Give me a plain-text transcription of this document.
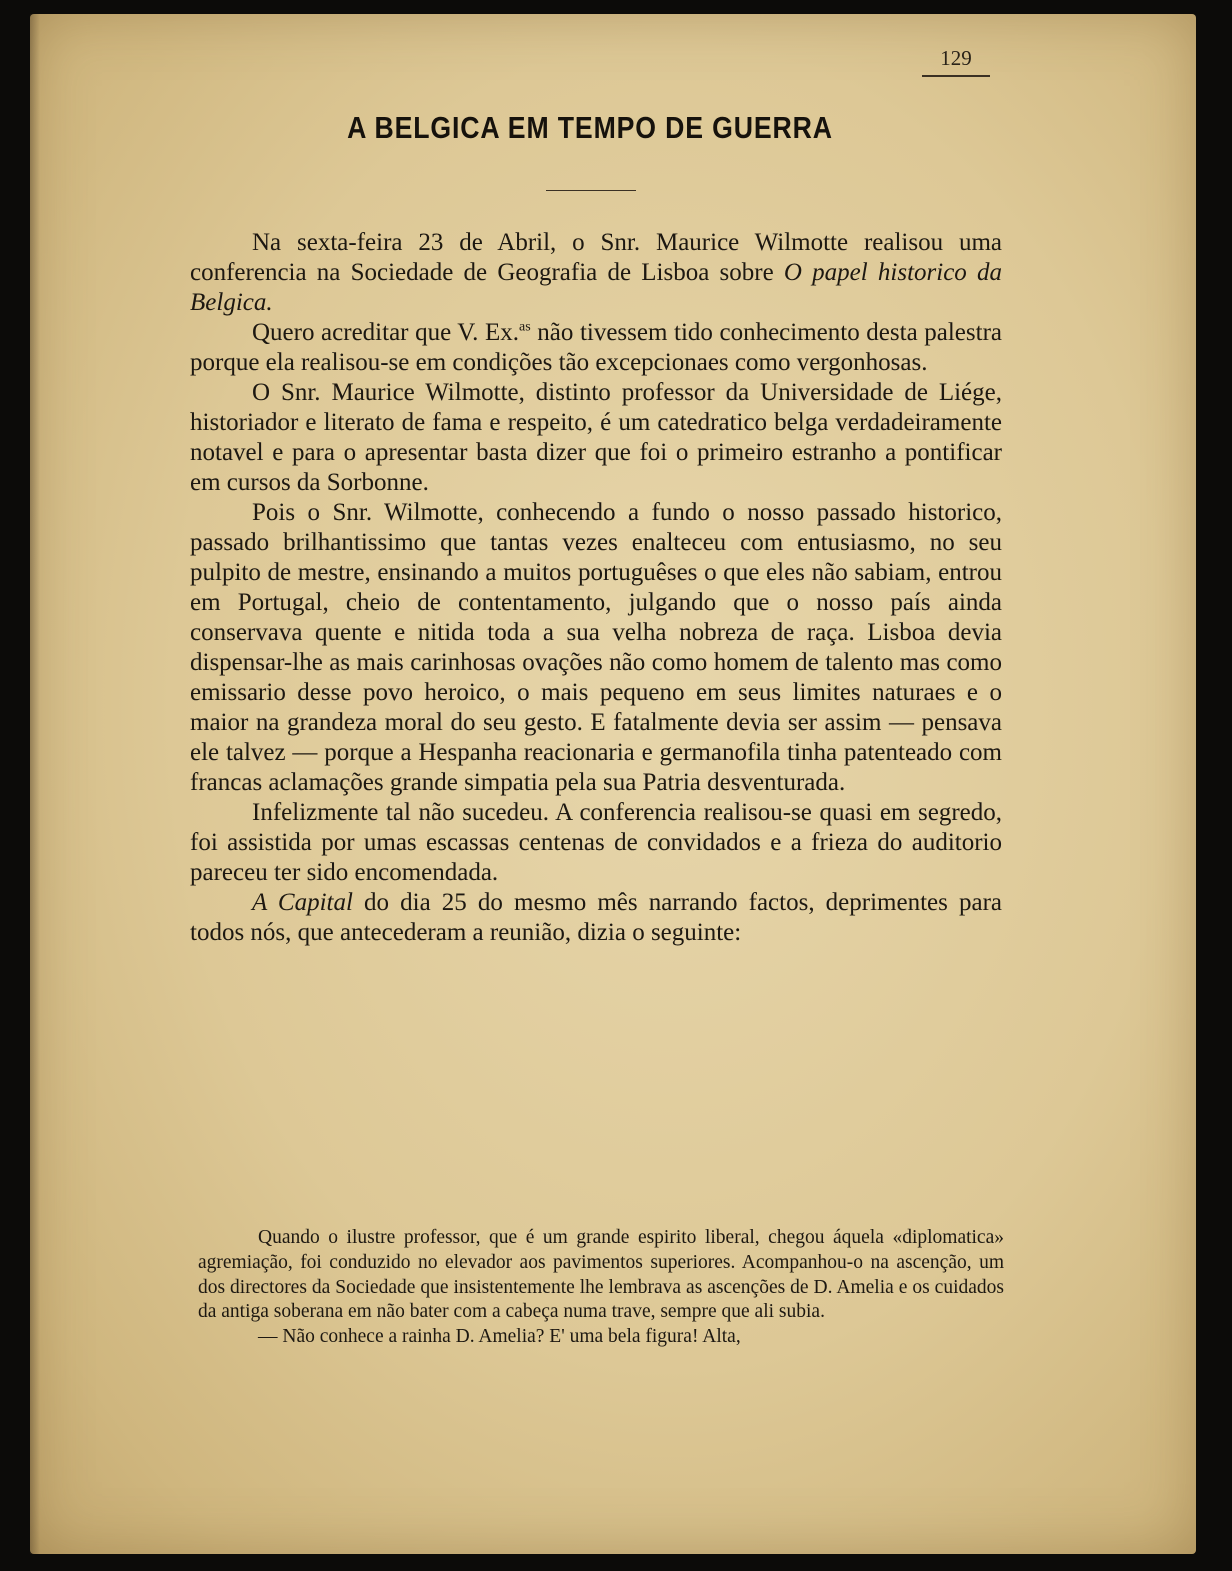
129
A BELGICA EM TEMPO DE GUERRA

Na sexta-feira 23 de Abril, o Snr. Maurice Wilmotte realisou uma conferencia na Sociedade de Geografia de Lisboa sobre O papel historico da Belgica.

Quero acreditar que V. Ex.$^{as}$ não tivessem tido conhecimento desta palestra porque ela realisou-se em condições tão excepcionaes como vergonhosas.

O Snr. Maurice Wilmotte, distinto professor da Universidade de Liége, historiador e literato de fama e respeito, é um catedratico belga verdadeiramente notavel e para o apresentar basta dizer que foi o primeiro estranho a pontificar em cursos da Sorbonne.

Pois o Snr. Wilmotte, conhecendo a fundo o nosso passado historico, passado brilhantissimo que tantas vezes enalteceu com entusiasmo, no seu pulpito de mestre, ensinando a muitos portuguêses o que eles não sabiam, entrou em Portugal, cheio de contentamento, julgando que o nosso país ainda conservava quente e nitida toda a sua velha nobreza de raça. Lisboa devia dispensar-lhe as mais carinhosas ovações não como homem de talento mas como emissario desse povo heroico, o mais pequeno em seus limites naturaes e o maior na grandeza moral do seu gesto. E fatalmente devia ser assim — pensava ele talvez — porque a Hespanha reacionaria e germanofila tinha patenteado com francas aclamações grande simpatia pela sua Patria desventurada.

Infelizmente tal não sucedeu. A conferencia realisou-se quasi em segredo, foi assistida por umas escassas centenas de convidados e a frieza do auditorio pareceu ter sido encomendada.

A Capital do dia 25 do mesmo mês narrando factos, deprimentes para todos nós, que antecederam a reunião, dizia o seguinte:

Quando o ilustre professor, que é um grande espirito liberal, chegou áquela «diplomatica» agremiação, foi conduzido no elevador aos pavimentos superiores. Acompanhou-o na ascenção, um dos directores da Sociedade que insistentemente lhe lembrava as ascenções de D. Amelia e os cuidados da antiga soberana em não bater com a cabeça numa trave, sempre que ali subia.

— Não conhece a rainha D. Amelia? E' uma bela figura! Alta,
